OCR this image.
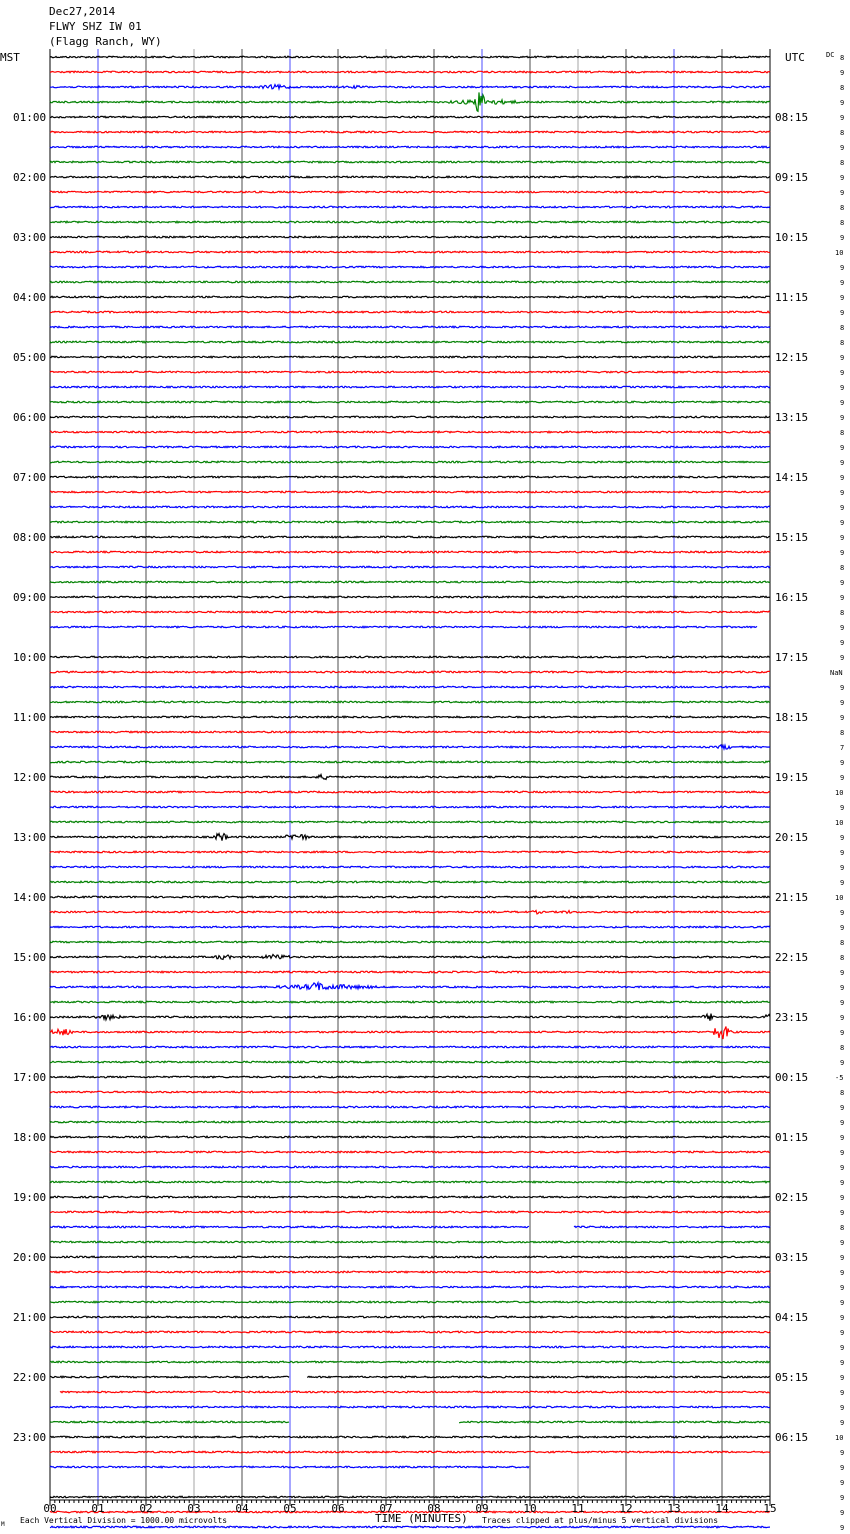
Dec27,2014
FLWY SHZ IW 01
(Flagg Ranch, WY)
MST	UTC	DC
01:00
02:00
03:00
04:00
05:00
06:00
07:00
08:00
09:00
10:00
11:00
12:00
13:00
14:00
15:00
16:00
17:00
18:00
19:00
20:00
21:00
22:00
23:00
08:15
09:15
10:15
11:15
12:15
13:15
14:15
15:15
16:15
17:15
18:15
19:15
20:15
21:15
22:15
23:15
00:15
01:15
02:15
03:15
04:15
05:15
06:15
8
9
8
9
9
8
9
8
9
9
8
8
9
10
9
9
9
9
8
8
9
9
9
9
9
8
9
9
9
9
9
9
9
9
8
9
9
8
9
9
9
NaN
9
9
9
8
7
9
9
10
9
10
9
9
9
9
10
9
9
8
8
9
9
9
9
9
8
9
-5
8
9
9
9
9
9
9
9
9
8
9
9
9
9
9
9
9
9
9
9
9
9
9
10
9
9
9
9
9
9
00	01	02	03	04	05	06	07	08	09	10	11	12	13	14	15
TIME (MINUTES)
Each Vertical Division = 1000.00 microvolts	Traces clipped at plus/minus 5 vertical divisions
M
